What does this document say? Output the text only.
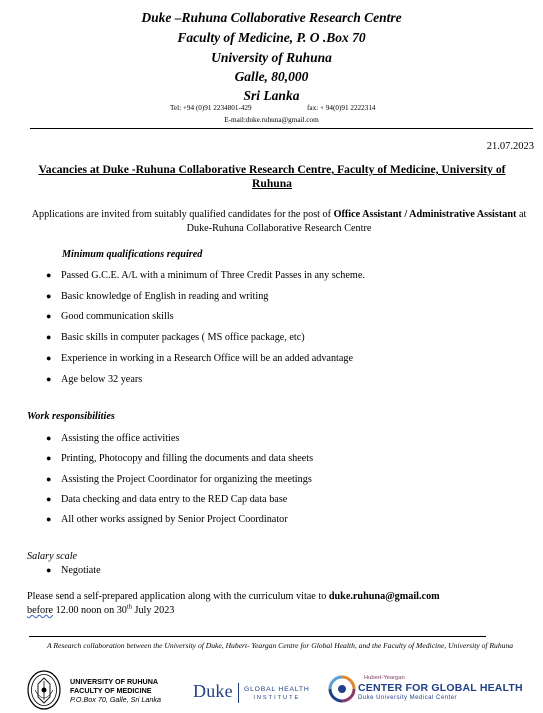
Duke –Ruhuna Collaborative Research Centre
Faculty of Medicine, P. O .Box 70
University of Ruhuna
Galle, 80,000
Sri Lanka
Tel: +94 (0)91 2234801-429	fax: + 94(0)91 2222314
E-mail:duke.ruhuna@gmail.com
21.07.2023
Vacancies at Duke -Ruhuna Collaborative Research Centre, Faculty of Medicine, University of Ruhuna
Applications are invited from suitably qualified candidates for the post of Office Assistant / Administrative Assistant at Duke-Ruhuna Collaborative Research Centre
Minimum qualifications required
● Passed G.C.E. A/L with a minimum of Three Credit Passes in any scheme.
● Basic knowledge of English in reading and writing
● Good communication skills
● Basic skills in computer packages ( MS office package, etc)
● Experience in working in a Research Office will be an added advantage
● Age below 32 years
Work responsibilities
● Assisting the office activities
● Printing, Photocopy and filling the documents and data sheets
● Assisting the Project Coordinator for organizing the meetings
● Data checking and data entry to the RED Cap data base
● All other works assigned by Senior Project Coordinator
Salary scale
● Negotiate
Please send a self-prepared application along with the curriculum vitae to duke.ruhuna@gmail.com
before 12.00 noon on 30th July 2023
A Research collaboration between the University of Duke, Hubert- Yeargan Centre for Global Health, and the Faculty of Medicine, University of Ruhuna
UNIVERSITY OF RUHUNA
FACULTY OF MEDICINE
P.O.Box 70, Galle, Sri Lanka Duke GLOBAL HEALTH
INSTITUTE
Hubert-Yeargan
CENTER FOR GLOBAL HEALTH
Duke University Medical Center
